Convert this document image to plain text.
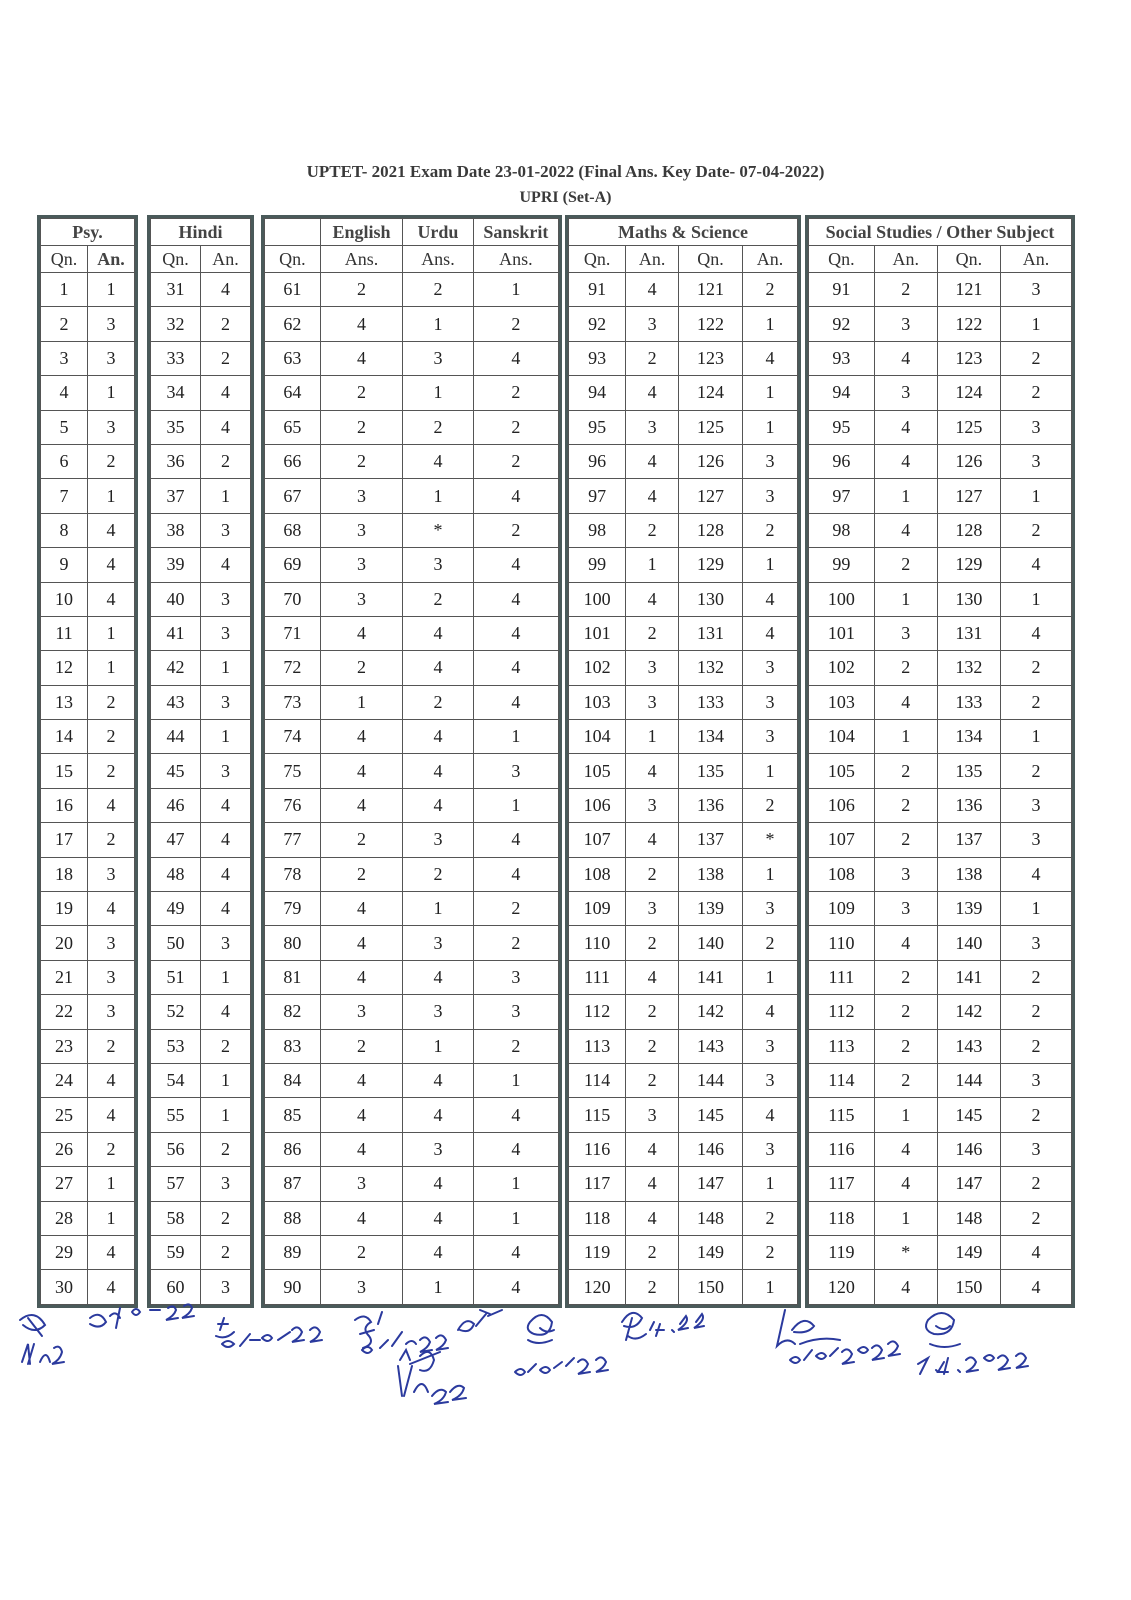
UPTET- 2021 Exam Date 23-01-2022 (Final Ans. Key Date- 07-04-2022)
UPRI (Set-A)
Psy.	
Qn.	An.
1	1
2	3
3	3
4	1
5	3
6	2
7	1
8	4
9	4
10	4
11	1
12	1
13	2
14	2
15	2
16	4
17	2
18	3
19	4
20	3
21	3
22	3
23	2
24	4
25	4
26	2
27	1
28	1
29	4
30	4
Hindi	
Qn.	An.
31	4
32	2
33	2
34	4
35	4
36	2
37	1
38	3
39	4
40	3
41	3
42	1
43	3
44	1
45	3
46	4
47	4
48	4
49	4
50	3
51	1
52	4
53	2
54	1
55	1
56	2
57	3
58	2
59	2
60	3
	English	Urdu	Sanskrit
Qn.	Ans.	Ans.	Ans.
61	2	2	1
62	4	1	2
63	4	3	4
64	2	1	2
65	2	2	2
66	2	4	2
67	3	1	4
68	3	*	2
69	3	3	4
70	3	2	4
71	4	4	4
72	2	4	4
73	1	2	4
74	4	4	1
75	4	4	3
76	4	4	1
77	2	3	4
78	2	2	4
79	4	1	2
80	4	3	2
81	4	4	3
82	3	3	3
83	2	1	2
84	4	4	1
85	4	4	4
86	4	3	4
87	3	4	1
88	4	4	1
89	2	4	4
90	3	1	4
Maths & Science			
Qn.	An.	Qn.	An.
91	4	121	2
92	3	122	1
93	2	123	4
94	4	124	1
95	3	125	1
96	4	126	3
97	4	127	3
98	2	128	2
99	1	129	1
100	4	130	4
101	2	131	4
102	3	132	3
103	3	133	3
104	1	134	3
105	4	135	1
106	3	136	2
107	4	137	*
108	2	138	1
109	3	139	3
110	2	140	2
111	4	141	1
112	2	142	4
113	2	143	3
114	2	144	3
115	3	145	4
116	4	146	3
117	4	147	1
118	4	148	2
119	2	149	2
120	2	150	1
Social Studies / Other Subject			
Qn.	An.	Qn.	An.
91	2	121	3
92	3	122	1
93	4	123	2
94	3	124	2
95	4	125	3
96	4	126	3
97	1	127	1
98	4	128	2
99	2	129	4
100	1	130	1
101	3	131	4
102	2	132	2
103	4	133	2
104	1	134	1
105	2	135	2
106	2	136	3
107	2	137	3
108	3	138	4
109	3	139	1
110	4	140	3
111	2	141	2
112	2	142	2
113	2	143	2
114	2	144	3
115	1	145	2
116	4	146	3
117	4	147	2
118	1	148	2
119	*	149	4
120	4	150	4
